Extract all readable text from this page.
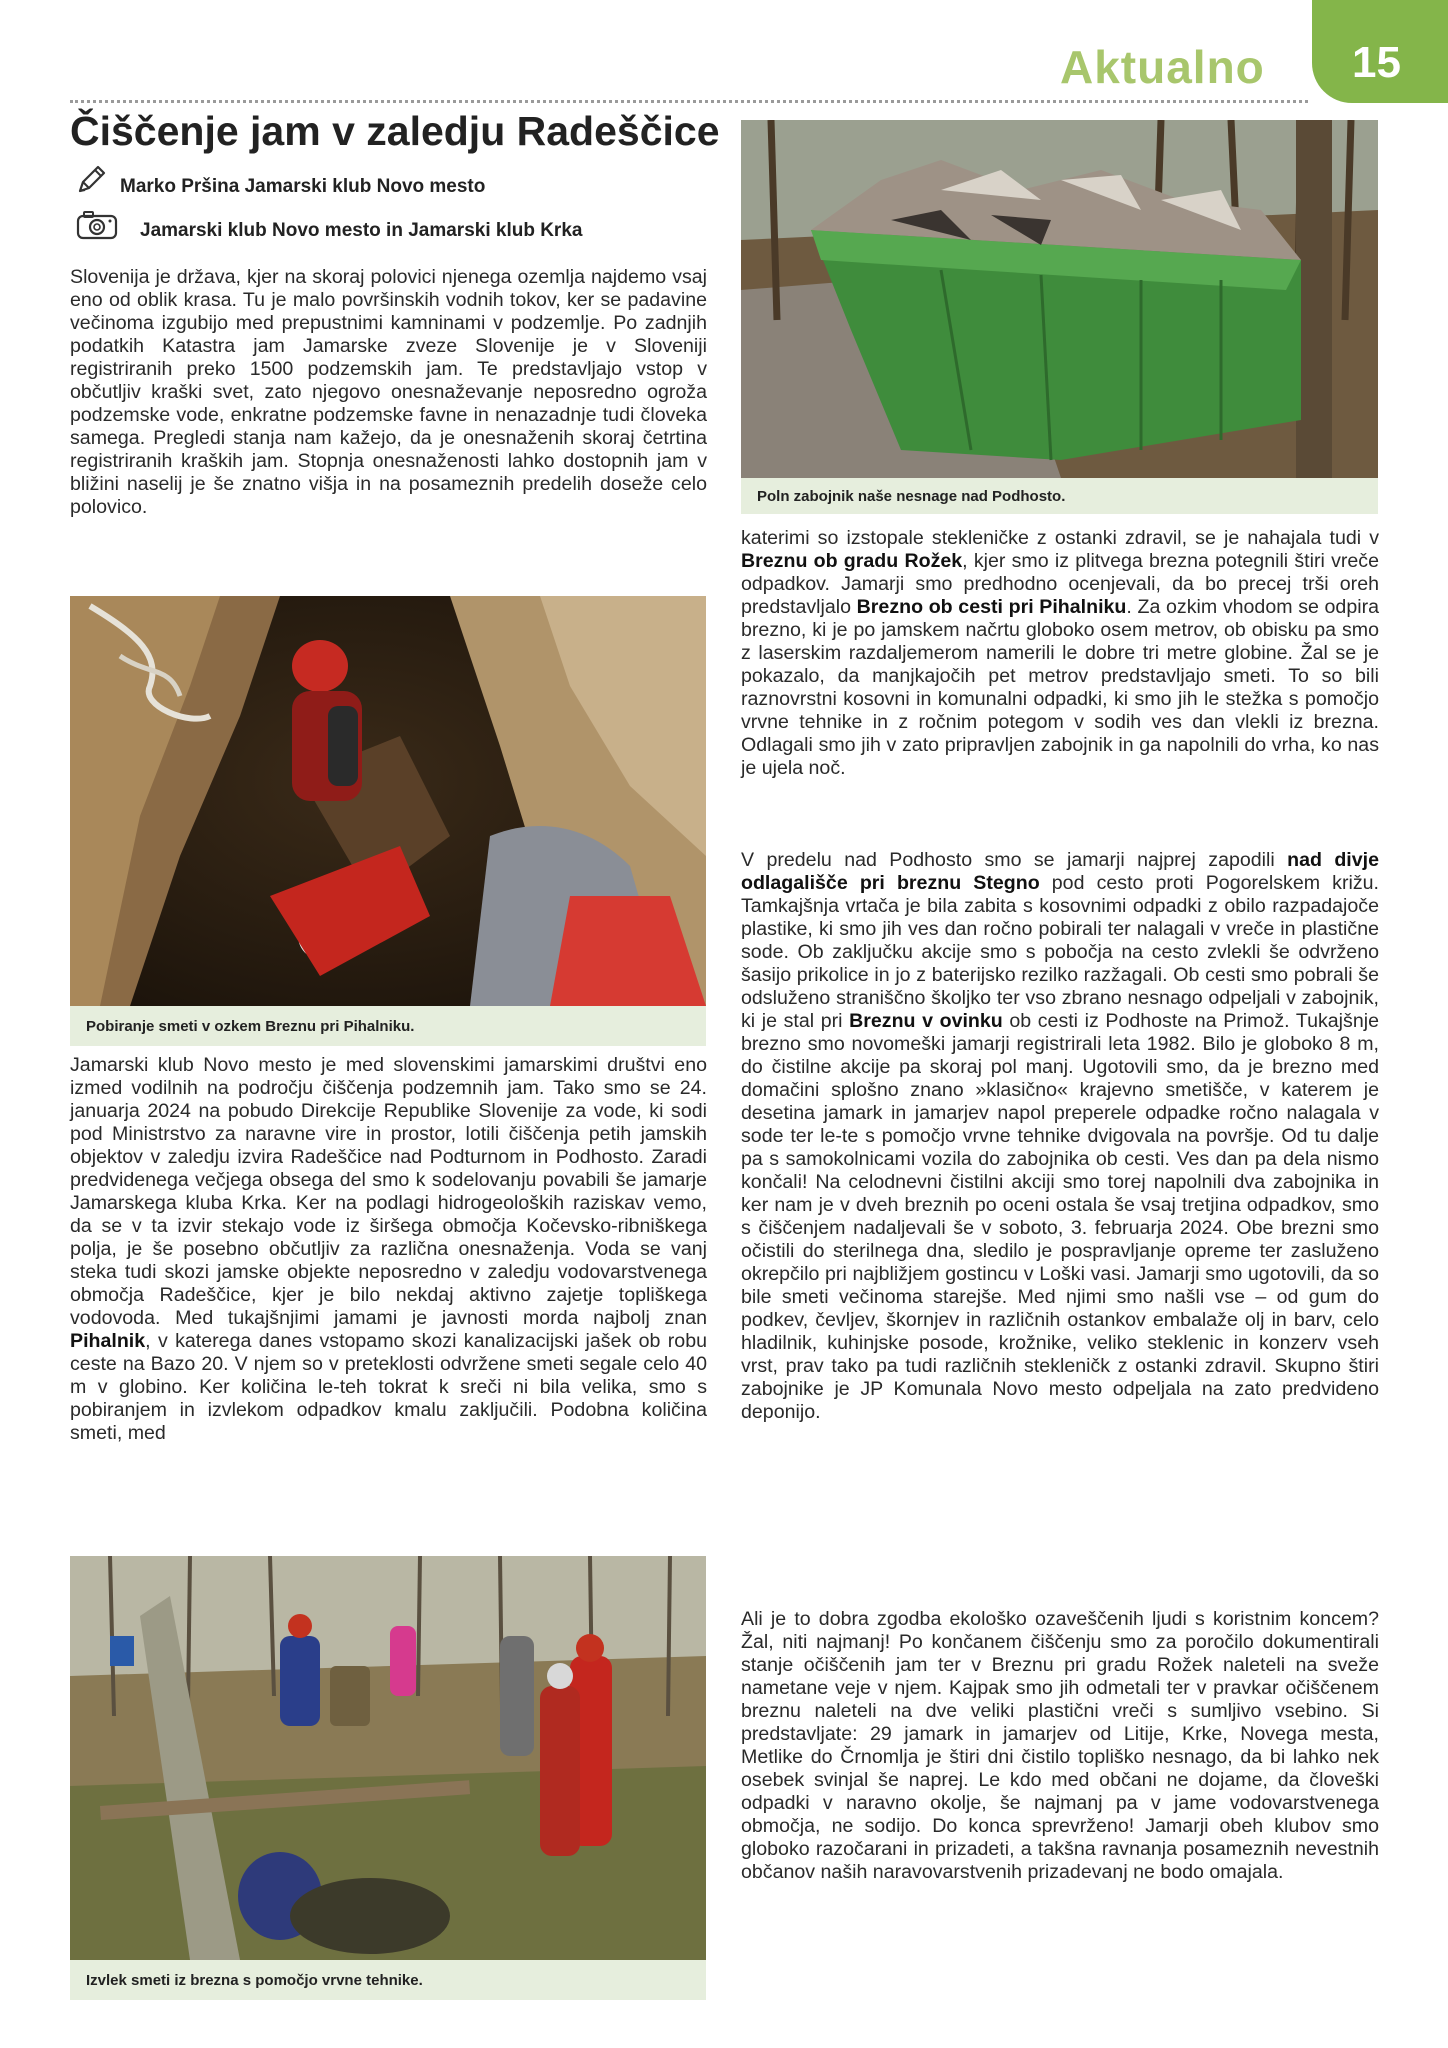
Aktualno 15
Čiščenje jam v zaledju Radeščice
Marko Pršina Jamarski klub Novo mesto
Jamarski klub Novo mesto in Jamarski klub Krka

Slovenija je država, kjer na skoraj polovici njenega ozemlja najdemo vsaj eno od oblik krasa. Tu je malo površinskih vodnih tokov, ker se padavine večinoma izgubijo med prepustnimi kamninami v podzemlje. Po zadnjih podatkih Katastra jam Jamarske zveze Slovenije je v Sloveniji registriranih preko 1500 podzemskih jam. Te predstavljajo vstop v občutljiv kraški svet, zato njegovo onesnaževanje neposredno ogroža podzemske vode, enkratne podzemske favne in nenazadnje tudi človeka samega. Pregledi stanja nam kažejo, da je onesnaženih skoraj četrtina registriranih kraških jam. Stopnja onesnaženosti lahko dostopnih jam v bližini naselij je še znatno višja in na posameznih predelih doseže celo polovico.

Pobiranje smeti v ozkem Breznu pri Pihalniku.

Jamarski klub Novo mesto je med slovenskimi jamarskimi društvi eno izmed vodilnih na področju čiščenja podzemnih jam. Tako smo se 24. januarja 2024 na pobudo Direkcije Republike Slovenije za vode, ki sodi pod Ministrstvo za naravne vire in prostor, lotili čiščenja petih jamskih objektov v zaledju izvira Radeščice nad Podturnom in Podhosto. Zaradi predvidenega večjega obsega del smo k sodelovanju povabili še jamarje Jamarskega kluba Krka. Ker na podlagi hidrogeoloških raziskav vemo, da se v ta izvir stekajo vode iz širšega območja Kočevsko-ribniškega polja, je še posebno občutljiv za različna onesnaženja. Voda se vanj steka tudi skozi jamske objekte neposredno v zaledju vodovarstvenega območja Radeščice, kjer je bilo nekdaj aktivno zajetje topliškega vodovoda. Med tukajšnjimi jamami je javnosti morda najbolj znan Pihalnik, v katerega danes vstopamo skozi kanalizacijski jašek ob robu ceste na Bazo 20. V njem so v preteklosti odvržene smeti segale celo 40 m v globino. Ker količina le-teh tokrat k sreči ni bila velika, smo s pobiranjem in izvlekom odpadkov kmalu zaključili. Podobna količina smeti, med

Izvlek smeti iz brezna s pomočjo vrvne tehnike.
Poln zabojnik naše nesnage nad Podhosto.

katerimi so izstopale stekleničke z ostanki zdravil, se je nahajala tudi v Breznu ob gradu Rožek, kjer smo iz plitvega brezna potegnili štiri vreče odpadkov. Jamarji smo predhodno ocenjevali, da bo precej trši oreh predstavljalo Brezno ob cesti pri Pihalniku. Za ozkim vhodom se odpira brezno, ki je po jamskem načrtu globoko osem metrov, ob obisku pa smo z laserskim razdaljemerom namerili le dobre tri metre globine. Žal se je pokazalo, da manjkajočih pet metrov predstavljajo smeti. To so bili raznovrstni kosovni in komunalni odpadki, ki smo jih le stežka s pomočjo vrvne tehnike in z ročnim potegom v sodih ves dan vlekli iz brezna. Odlagali smo jih v zato pripravljen zabojnik in ga napolnili do vrha, ko nas je ujela noč.

V predelu nad Podhosto smo se jamarji najprej zapodili nad divje odlagališče pri breznu Stegno pod cesto proti Pogorelskem križu. Tamkajšnja vrtača je bila zabita s kosovnimi odpadki z obilo razpadajoče plastike, ki smo jih ves dan ročno pobirali ter nalagali v vreče in plastične sode. Ob zaključku akcije smo s pobočja na cesto zvlekli še odvrženo šasijo prikolice in jo z baterijsko rezilko razžagali. Ob cesti smo pobrali še odsluženo straniščno školjko ter vso zbrano nesnago odpeljali v zabojnik, ki je stal pri Breznu v ovinku ob cesti iz Podhoste na Primož. Tukajšnje brezno smo novomeški jamarji registrirali leta 1982. Bilo je globoko 8 m, do čistilne akcije pa skoraj pol manj. Ugotovili smo, da je brezno med domačini splošno znano »klasično« krajevno smetišče, v katerem je desetina jamark in jamarjev napol preperele odpadke ročno nalagala v sode ter le-te s pomočjo vrvne tehnike dvigovala na površje. Od tu dalje pa s samokolnicami vozila do zabojnika ob cesti. Ves dan pa dela nismo končali! Na celodnevni čistilni akciji smo torej napolnili dva zabojnika in ker nam je v dveh breznih po oceni ostala še vsaj tretjina odpadkov, smo s čiščenjem nadaljevali še v soboto, 3. februarja 2024. Obe brezni smo očistili do sterilnega dna, sledilo je pospravljanje opreme ter zasluženo okrepčilo pri najbližjem gostincu v Loški vasi. Jamarji smo ugotovili, da so bile smeti večinoma starejše. Med njimi smo našli vse – od gum do podkev, čevljev, škornjev in različnih ostankov embalaže olj in barv, celo hladilnik, kuhinjske posode, krožnike, veliko steklenic in konzerv vseh vrst, prav tako pa tudi različnih stekleničk z ostanki zdravil. Skupno štiri zabojnike je JP Komunala Novo mesto odpeljala na zato predvideno deponijo.

Ali je to dobra zgodba ekološko ozaveščenih ljudi s koristnim koncem? Žal, niti najmanj! Po končanem čiščenju smo za poročilo dokumentirali stanje očiščenih jam ter v Breznu pri gradu Rožek naleteli na sveže nametane veje v njem. Kajpak smo jih odmetali ter v pravkar očiščenem breznu naleteli na dve veliki plastični vreči s sumljivo vsebino. Si predstavljate: 29 jamark in jamarjev od Litije, Krke, Novega mesta, Metlike do Črnomlja je štiri dni čistilo topliško nesnago, da bi lahko nek osebek svinjal še naprej. Le kdo med občani ne dojame, da človeški odpadki v naravno okolje, še najmanj pa v jame vodovarstvenega območja, ne sodijo. Do konca sprevrženo! Jamarji obeh klubov smo globoko razočarani in prizadeti, a takšna ravnanja posameznih nevestnih občanov naših naravovarstvenih prizadevanj ne bodo omajala.
